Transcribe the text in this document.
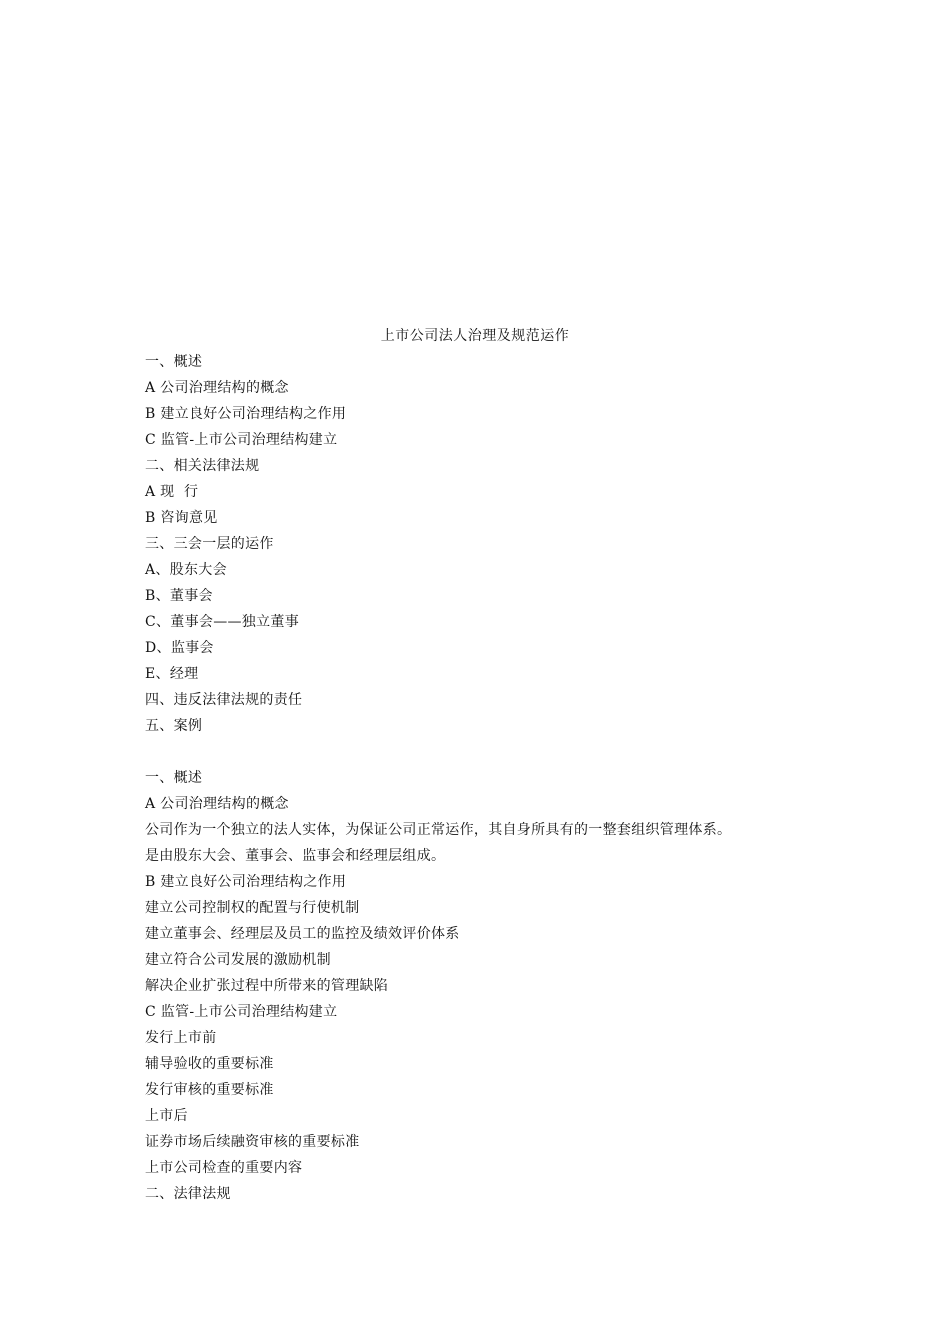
上市公司法人治理及规范运作
一、概述
A 公司治理结构的概念
B 建立良好公司治理结构之作用
C 监管-上市公司治理结构建立
二、相关法律法规
A 现  行
B 咨询意见
三、三会一层的运作
A、股东大会
B、董事会
C、董事会——独立董事
D、监事会
E、经理
四、违反法律法规的责任
五、案例
一、概述
A 公司治理结构的概念
公司作为一个独立的法人实体，为保证公司正常运作，其自身所具有的一整套组织管理体系。
是由股东大会、董事会、监事会和经理层组成。
B 建立良好公司治理结构之作用
建立公司控制权的配置与行使机制
建立董事会、经理层及员工的监控及绩效评价体系
建立符合公司发展的激励机制
解决企业扩张过程中所带来的管理缺陷
C 监管-上市公司治理结构建立
发行上市前
辅导验收的重要标准
发行审核的重要标准
上市后
证券市场后续融资审核的重要标准
上市公司检查的重要内容
二、法律法规
